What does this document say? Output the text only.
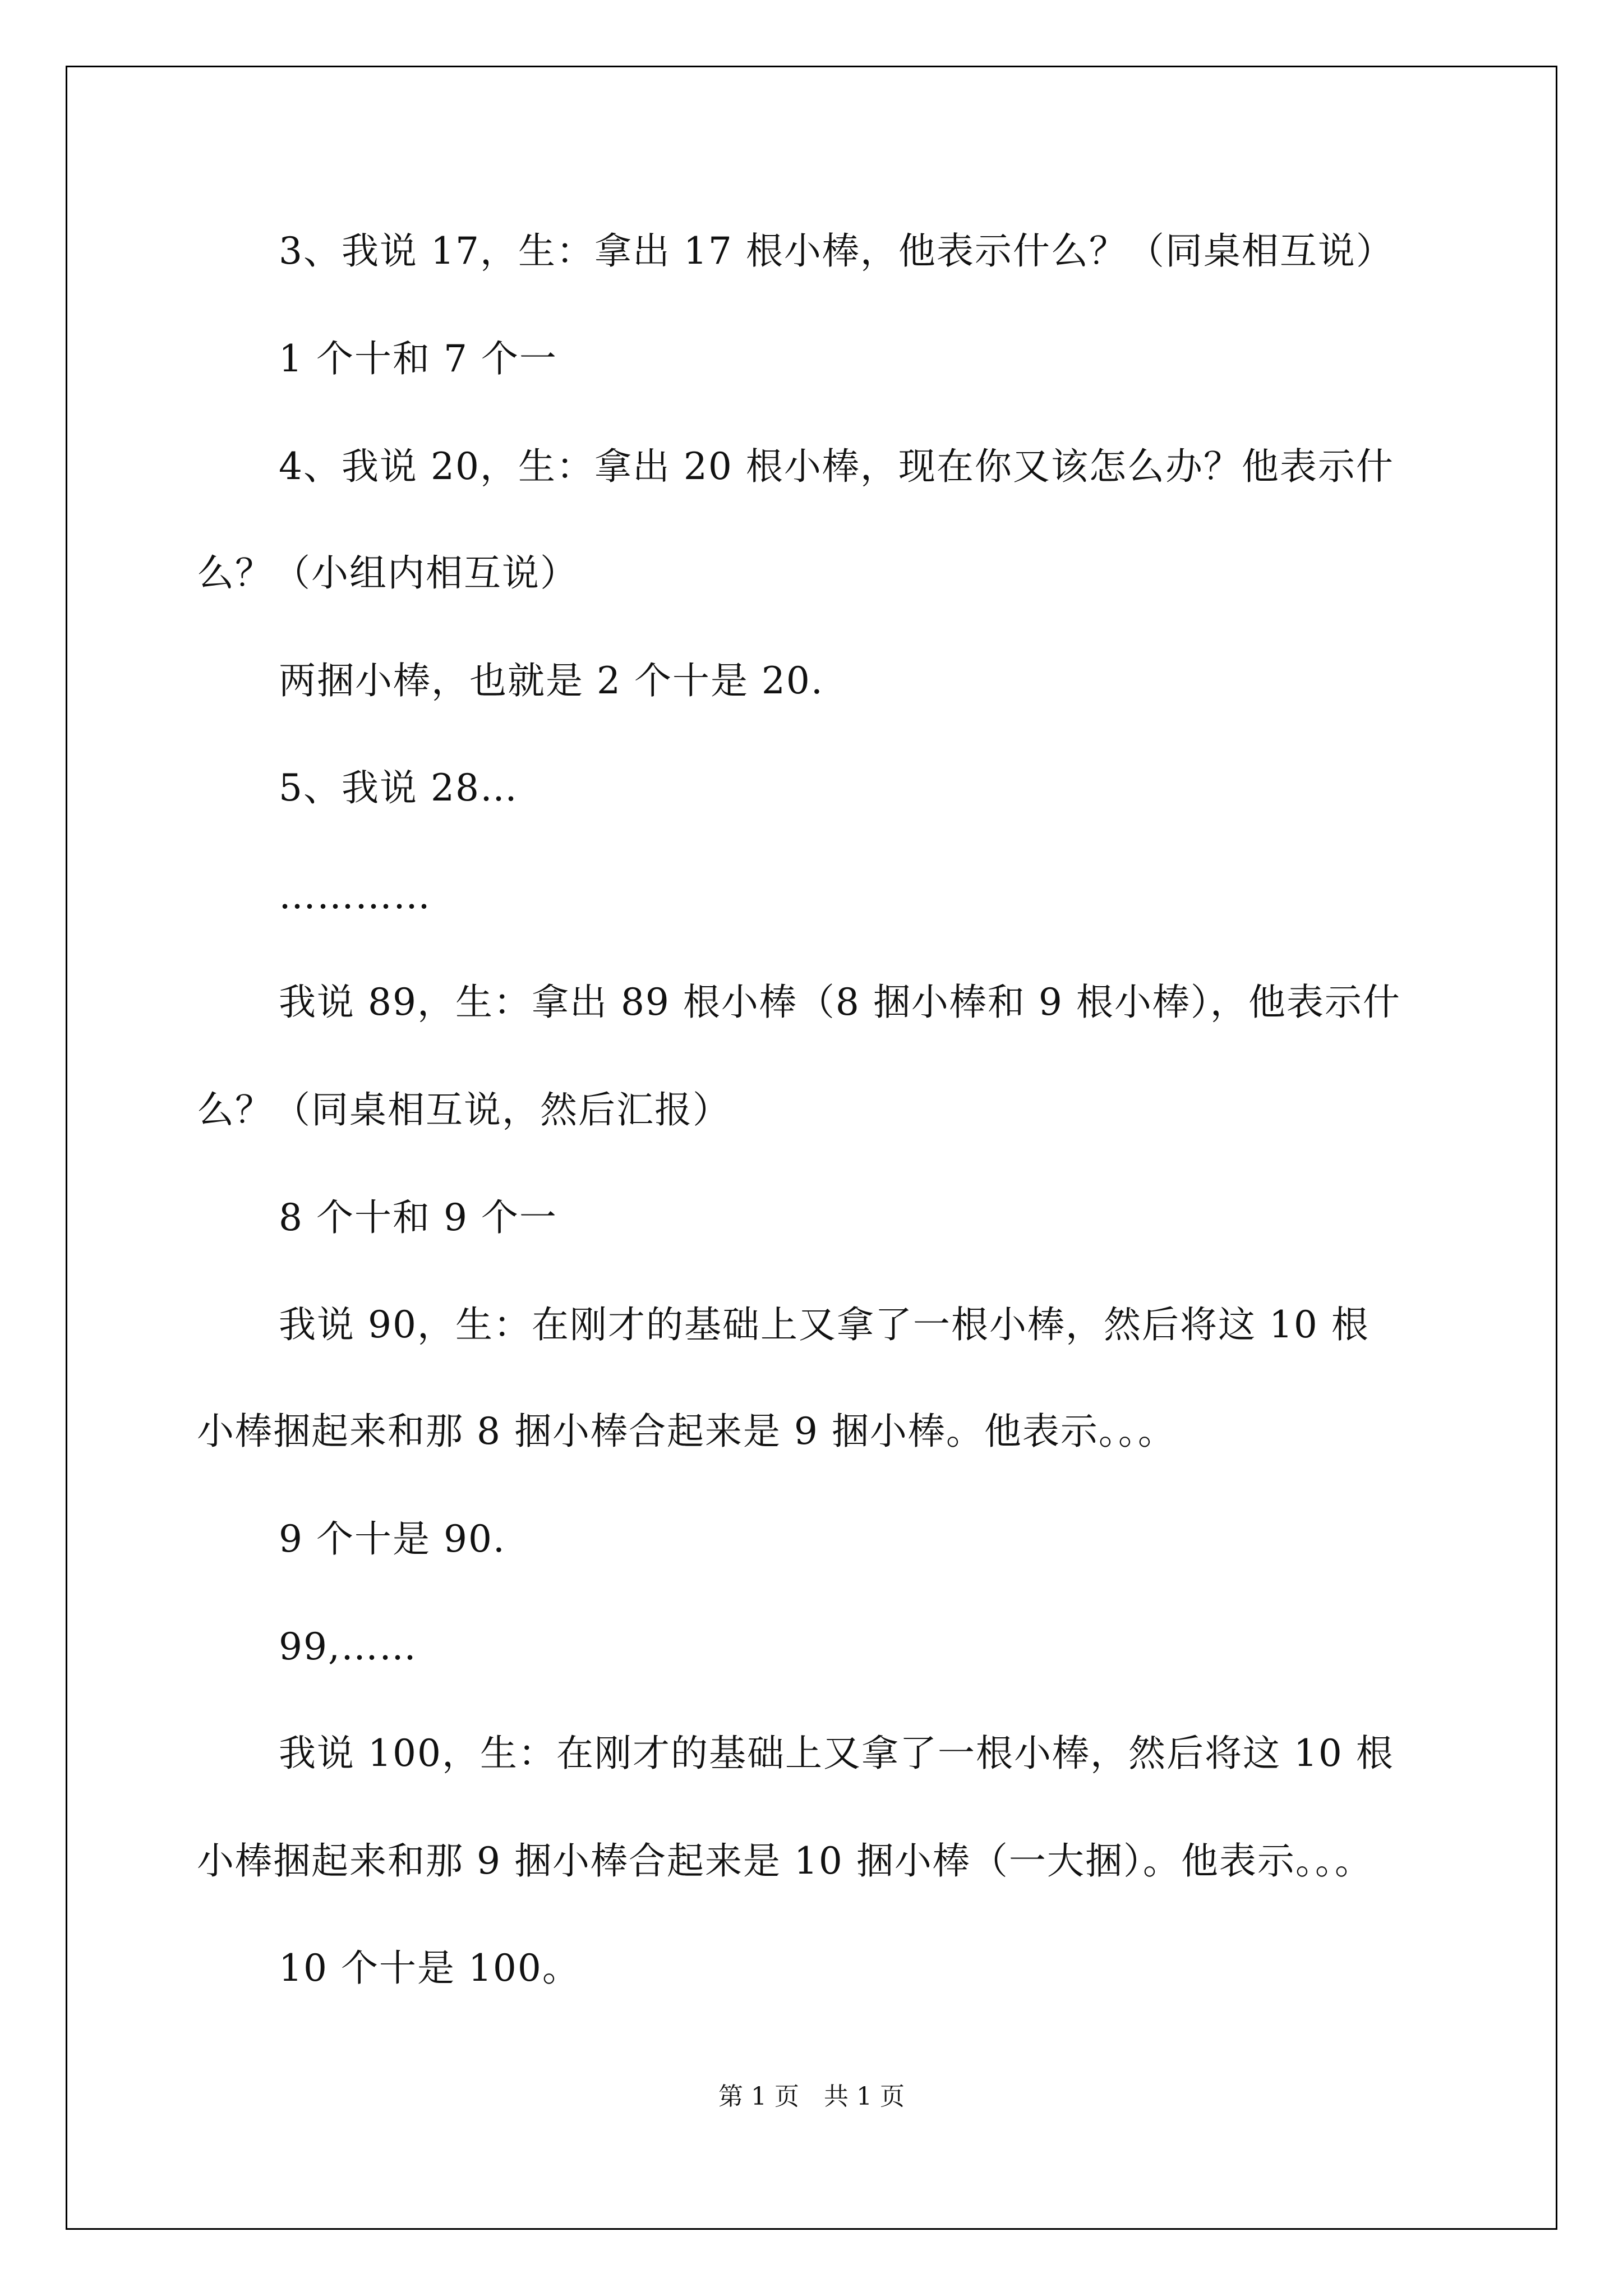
3、我说 17，生：拿出 17 根小棒，他表示什么？（同桌相互说）
1 个十和 7 个一
4、我说 20，生：拿出 20 根小棒，现在你又该怎么办？他表示什
么？（小组内相互说）
两捆小棒，也就是 2 个十是 20.
5、我说 28…
…………
我说 89，生：拿出 89 根小棒（8 捆小棒和 9 根小棒），他表示什
么？（同桌相互说，然后汇报）
8 个十和 9 个一
我说 90，生：在刚才的基础上又拿了一根小棒，然后将这 10 根
小棒捆起来和那 8 捆小棒合起来是 9 捆小棒。他表示。。。
9 个十是 90.
99,……
我说 100，生：在刚才的基础上又拿了一根小棒，然后将这 10 根
小棒捆起来和那 9 捆小棒合起来是 10 捆小棒（一大捆）。他表示。。。
10 个十是 100。
第 1 页　共 1 页
